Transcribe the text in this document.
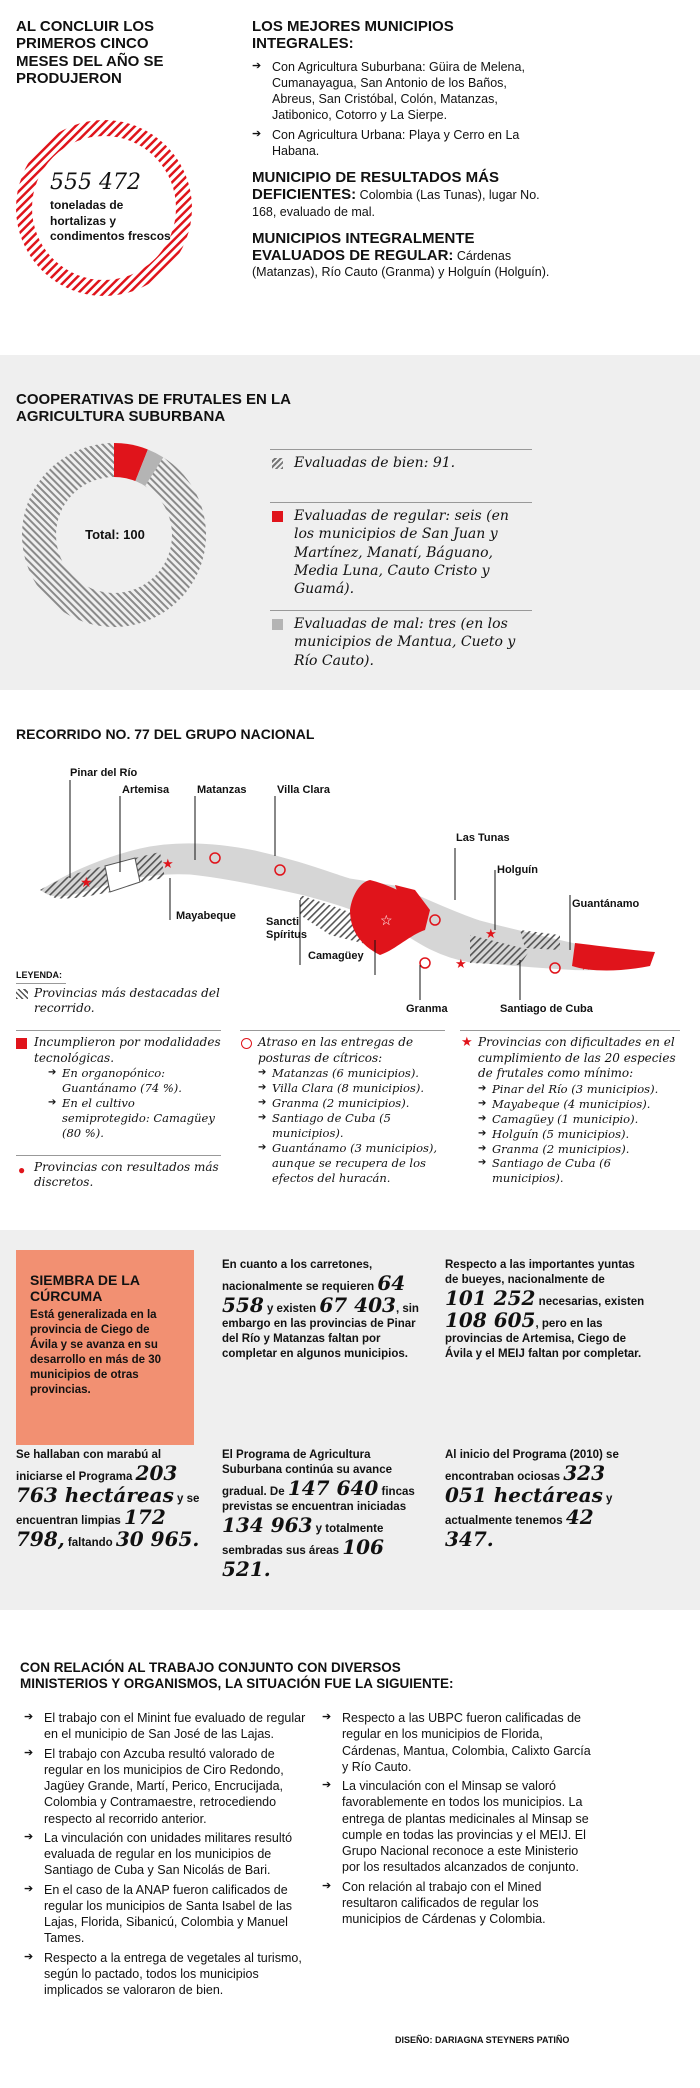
AL CONCLUIR LOS PRIMEROS CINCO MESES DEL AÑO SE PRODUJERON
555 472
toneladas de hortalizas y condimentos frescos
LOS MEJORES MUNICIPIOS INTEGRALES:
➔ Con Agricultura Suburbana: Güira de Melena, Cumanayagua, San Antonio de los Baños, Abreus, San Cristóbal, Colón, Matanzas, Jatibonico, Cotorro y La Sierpe.
➔ Con Agricultura Urbana: Playa y Cerro en La Habana.
MUNICIPIO DE RESULTADOS MÁS DEFICIENTES: Colombia (Las Tunas), lugar No. 168, evaluado de mal.
MUNICIPIOS INTEGRALMENTE EVALUADOS DE REGULAR: Cárdenas (Matanzas), Río Cauto (Granma) y Holguín (Holguín).
COOPERATIVAS DE FRUTALES EN LA AGRICULTURA SUBURBANA
Total: 100
Evaluadas de bien: 91.
Evaluadas de regular: seis (en los municipios de San Juan y Martínez, Manatí, Báguano, Media Luna, Cauto Cristo y Guamá).
Evaluadas de mal: tres (en los municipios de Mantua, Cueto y Río Cauto).
RECORRIDO NO. 77 DEL GRUPO NACIONAL
★
★
☆
★
★
★
Pinar del Río
Artemisa	Matanzas	Villa Clara
Las Tunas
Holguín
Guantánamo
Mayabeque	Sancti Spíritus
Camagüey
Granma	Santiago de Cuba
LEYENDA:
Provincias más destacadas del recorrido.
Incumplieron por modalidades tecnológicas.
➔ En organopónico: Guantánamo (74 %).
➔ En el cultivo semiprotegido: Camagüey (80 %).
● Provincias con resultados más discretos.
Atraso en las entregas de posturas de cítricos:
➔ Matanzas (6 municipios).
➔ Villa Clara (8 municipios).
➔ Granma (2 municipios).
➔ Santiago de Cuba (5 municipios).
➔ Guantánamo (3 municipios), aunque se recupera de los efectos del huracán.
★ Provincias con dificultades en el cumplimiento de las 20 especies de frutales como mínimo:
➔ Pinar del Río (3 municipios).
➔ Mayabeque (4 municipios).
➔ Camagüey (1 municipio).
➔ Holguín (5 municipios).
➔ Granma (2 municipios).
➔ Santiago de Cuba (6 municipios).
SIEMBRA DE LA CÚRCUMA
Está generalizada en la provincia de Ciego de Ávila y se avanza en su desarrollo en más de 30 municipios de otras provincias.
En cuanto a los carretones, nacionalmente se requieren 64 558 y existen 67 403, sin embargo en las provincias de Pinar del Río y Matanzas faltan por completar en algunos municipios.
Respecto a las importantes yuntas de bueyes, nacionalmente de 101 252 necesarias, existen 108 605, pero en las provincias de Artemisa, Ciego de Ávila y el MEIJ faltan por completar.
Se hallaban con marabú al iniciarse el Programa 203 763 hectáreas y se encuentran limpias 172 798, faltando 30 965.
El Programa de Agricultura Suburbana continúa su avance gradual. De 147 640 fincas previstas se encuentran iniciadas 134 963 y totalmente sembradas sus áreas 106 521.
Al inicio del Programa (2010) se encontraban ociosas 323 051 hectáreas y actualmente tenemos 42 347.
CON RELACIÓN AL TRABAJO CONJUNTO CON DIVERSOS MINISTERIOS Y ORGANISMOS, LA SITUACIÓN FUE LA SIGUIENTE:
➔ El trabajo con el Minint fue evaluado de regular en el municipio de San José de las Lajas.
➔ El trabajo con Azcuba resultó valorado de regular en los municipios de Ciro Redondo, Jagüey Grande, Martí, Perico, Encrucijada, Colombia y Contramaestre, retrocediendo respecto al recorrido anterior.
➔ La vinculación con unidades militares resultó evaluada de regular en los municipios de Santiago de Cuba y San Nicolás de Bari.
➔ En el caso de la ANAP fueron calificados de regular los municipios de Santa Isabel de las Lajas, Florida, Sibanicú, Colombia y Manuel Tames.
➔ Respecto a la entrega de vegetales al turismo, según lo pactado, todos los municipios implicados se valoraron de bien.
➔ Respecto a las UBPC fueron calificadas de regular en los municipios de Florida, Cárdenas, Mantua, Colombia, Calixto García y Río Cauto.
➔ La vinculación con el Minsap se valoró favorablemente en todos los municipios. La entrega de plantas medicinales al Minsap se cumple en todas las provincias y el MEIJ. El Grupo Nacional reconoce a este Ministerio por los resultados alcanzados de conjunto.
➔ Con relación al trabajo con el Mined resultaron calificados de regular los municipios de Cárdenas y Colombia.
DISEÑO: DARIAGNA STEYNERS PATIÑO
